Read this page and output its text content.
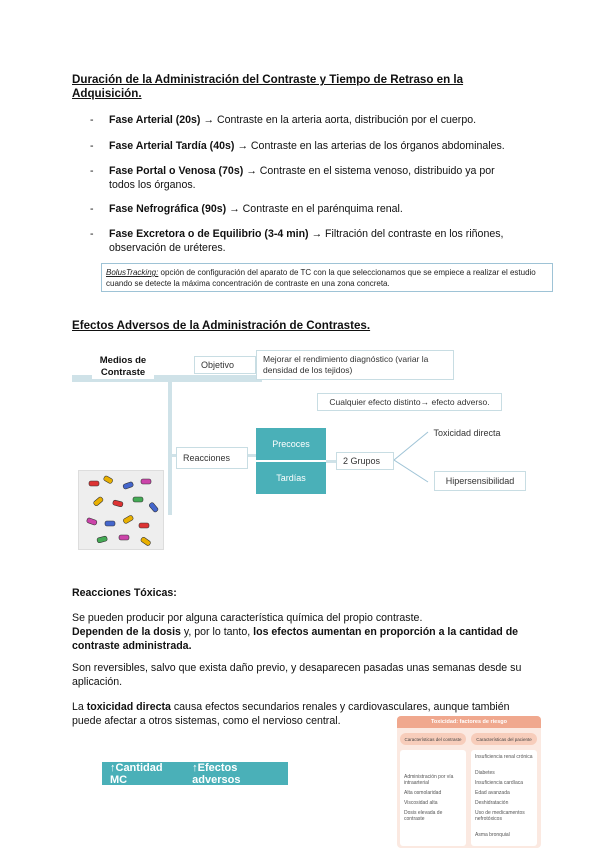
Duración de la Administración del Contraste y Tiempo de Retraso en la Adquisición.
- Fase Arterial (20s) → Contraste en la arteria aorta, distribución por el cuerpo.
- Fase Arterial Tardía (40s) → Contraste en las arterias de los órganos abdominales.
- Fase Portal o Venosa (70s) → Contraste en el sistema venoso, distribuido ya por todos los órganos.
- Fase Nefrográfica (90s) → Contraste en el parénquima renal.
- Fase Excretora o de Equilibrio (3-4 min) → Filtración del contraste en los riñones, observación de uréteres.
BolusTracking: opción de configuración del aparato de TC con la que seleccionamos que se empiece a realizar el estudio cuando se detecte la máxima concentración de contraste en una zona concreta.
Efectos Adversos de la Administración de Contrastes.
Medios de Contraste
Objetivo
Mejorar el rendimiento diagnóstico (variar la densidad de los tejidos)
Cualquier efecto distinto→ efecto adverso.
Reacciones
Precoces
Tardías
2 Grupos
Toxicidad directa
Hipersensibilidad
Reacciones Tóxicas:
Se pueden producir por alguna característica química del propio contraste.
Dependen de la dosis y, por lo tanto, los efectos aumentan en proporción a la cantidad de contraste administrada.
Son reversibles, salvo que exista daño previo, y desaparecen pasadas unas semanas desde su aplicación.
La toxicidad directa causa efectos secundarios renales y cardiovasculares, aunque también puede afectar a otros sistemas, como el nervioso central.
↑Cantidad MC
↑Efectos adversos
Toxicidad: factores de riesgo
Características del contraste	Características del paciente
Administración por vía intraarterial
Alta osmolaridad
Viscosidad alta
Dosis elevada de contraste
Insuficiencia renal crónica
Diabetes
Insuficiencia cardíaca
Edad avanzada
Deshidratación
Uso de medicamentos nefrotóxicos
Asma bronquial
